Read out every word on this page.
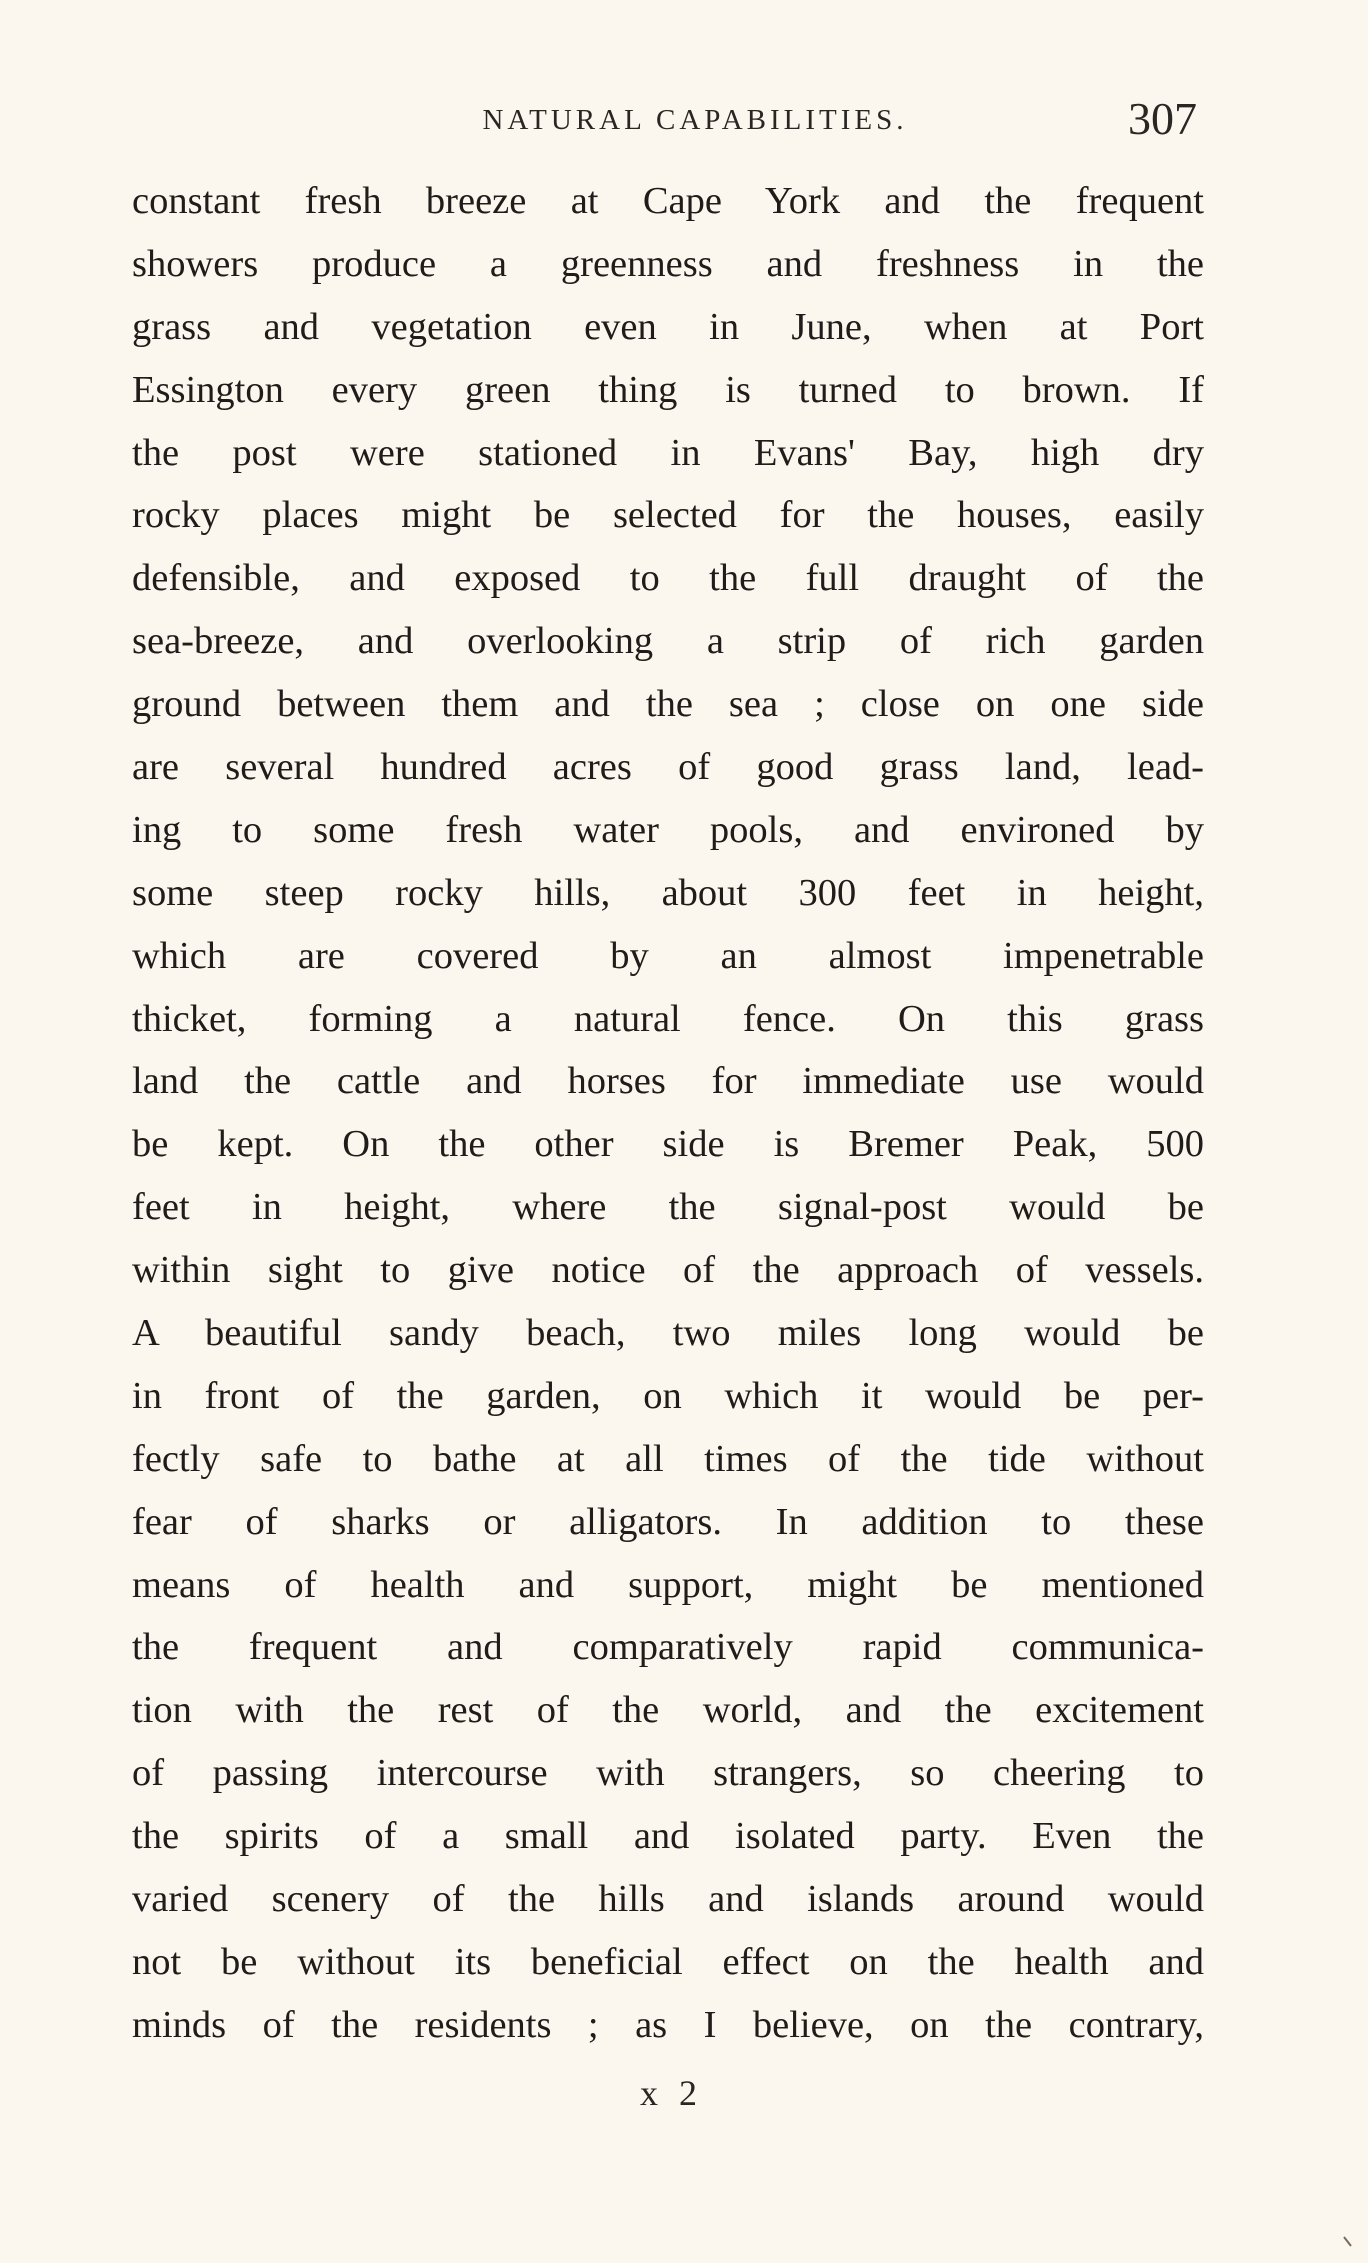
NATURAL CAPABILITIES.	307
constant fresh breeze at Cape York and the frequent
showers produce a greenness and freshness in the
grass and vegetation even in June, when at Port
Essington every green thing is turned to brown. If
the post were stationed in Evans' Bay, high dry
rocky places might be selected for the houses, easily
defensible, and exposed to the full draught of the
sea-breeze, and overlooking a strip of rich garden
ground between them and the sea ; close on one side
are several hundred acres of good grass land, lead-
ing to some fresh water pools, and environed by
some steep rocky hills, about 300 feet in height,
which are covered by an almost impenetrable
thicket, forming a natural fence. On this grass
land the cattle and horses for immediate use would
be kept. On the other side is Bremer Peak, 500
feet in height, where the signal-post would be
within sight to give notice of the approach of vessels.
A beautiful sandy beach, two miles long would be
in front of the garden, on which it would be per-
fectly safe to bathe at all times of the tide without
fear of sharks or alligators. In addition to these
means of health and support, might be mentioned
the frequent and comparatively rapid communica-
tion with the rest of the world, and the excitement
of passing intercourse with strangers, so cheering to
the spirits of a small and isolated party. Even the
varied scenery of the hills and islands around would
not be without its beneficial effect on the health and
minds of the residents ; as I believe, on the contrary,
x 2
